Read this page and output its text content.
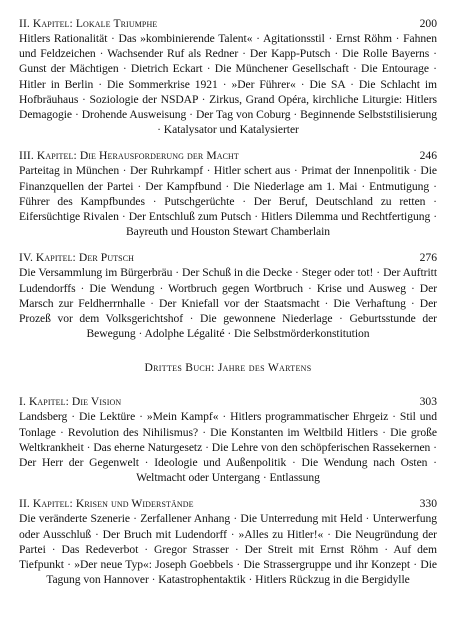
II. Kapitel: Lokale Triumphe	200

Hitlers Rationalität · Das »kombinierende Talent« · Agitationsstil · Ernst Röhm · Fahnen und Feldzeichen · Wachsender Ruf als Redner · Der Kapp-Putsch · Die Rolle Bayerns · Gunst der Mächtigen · Dietrich Eckart · Die Münchener Gesellschaft · Die Entourage · Hitler in Berlin · Die Sommerkrise 1921 · »Der Führer« · Die SA · Die Schlacht im Hofbräuhaus · Soziologie der NSDAP · Zirkus, Grand Opéra, kirchliche Liturgie: Hitlers Demagogie · Drohende Ausweisung · Der Tag von Coburg · Beginnende Selbststilisierung · Katalysator und Katalysierter

III. Kapitel: Die Herausforderung der Macht	246

Parteitag in München · Der Ruhrkampf · Hitler schert aus · Primat der Innenpolitik · Die Finanzquellen der Partei · Der Kampfbund · Die Niederlage am 1. Mai · Entmutigung · Führer des Kampfbundes · Putschgerüchte · Der Beruf, Deutschland zu retten · Eifersüchtige Rivalen · Der Entschluß zum Putsch · Hitlers Dilemma und Rechtfertigung · Bayreuth und Houston Stewart Chamberlain

IV. Kapitel: Der Putsch	276

Die Versammlung im Bürgerbräu · Der Schuß in die Decke · Steger oder tot! · Der Auftritt Ludendorffs · Die Wendung · Wortbruch gegen Wortbruch · Krise und Ausweg · Der Marsch zur Feldherrnhalle · Der Kniefall vor der Staatsmacht · Die Verhaftung · Der Prozeß vor dem Volksgerichtshof · Die gewonnene Niederlage · Geburtsstunde der Bewegung · Adolphe Légalité · Die Selbstmörderkonstitution

Drittes Buch: Jahre des Wartens
I. Kapitel: Die Vision	303

Landsberg · Die Lektüre · »Mein Kampf« · Hitlers programmatischer Ehrgeiz · Stil und Tonlage · Revolution des Nihilismus? · Die Konstanten im Weltbild Hitlers · Die große Weltkrankheit · Das eherne Naturgesetz · Die Lehre von den schöpferischen Rassekernen · Der Herr der Gegenwelt · Ideologie und Außenpolitik · Die Wendung nach Osten · Weltmacht oder Untergang · Entlassung

II. Kapitel: Krisen und Widerstände	330

Die veränderte Szenerie · Zerfallener Anhang · Die Unterredung mit Held · Unterwerfung oder Ausschluß · Der Bruch mit Ludendorff · »Alles zu Hitler!« · Die Neugründung der Partei · Das Redeverbot · Gregor Strasser · Der Streit mit Ernst Röhm · Auf dem Tiefpunkt · »Der neue Typ«: Joseph Goebbels · Die Strassergruppe und ihr Konzept · Die Tagung von Hannover · Katastrophentaktik · Hitlers Rückzug in die Bergidylle
